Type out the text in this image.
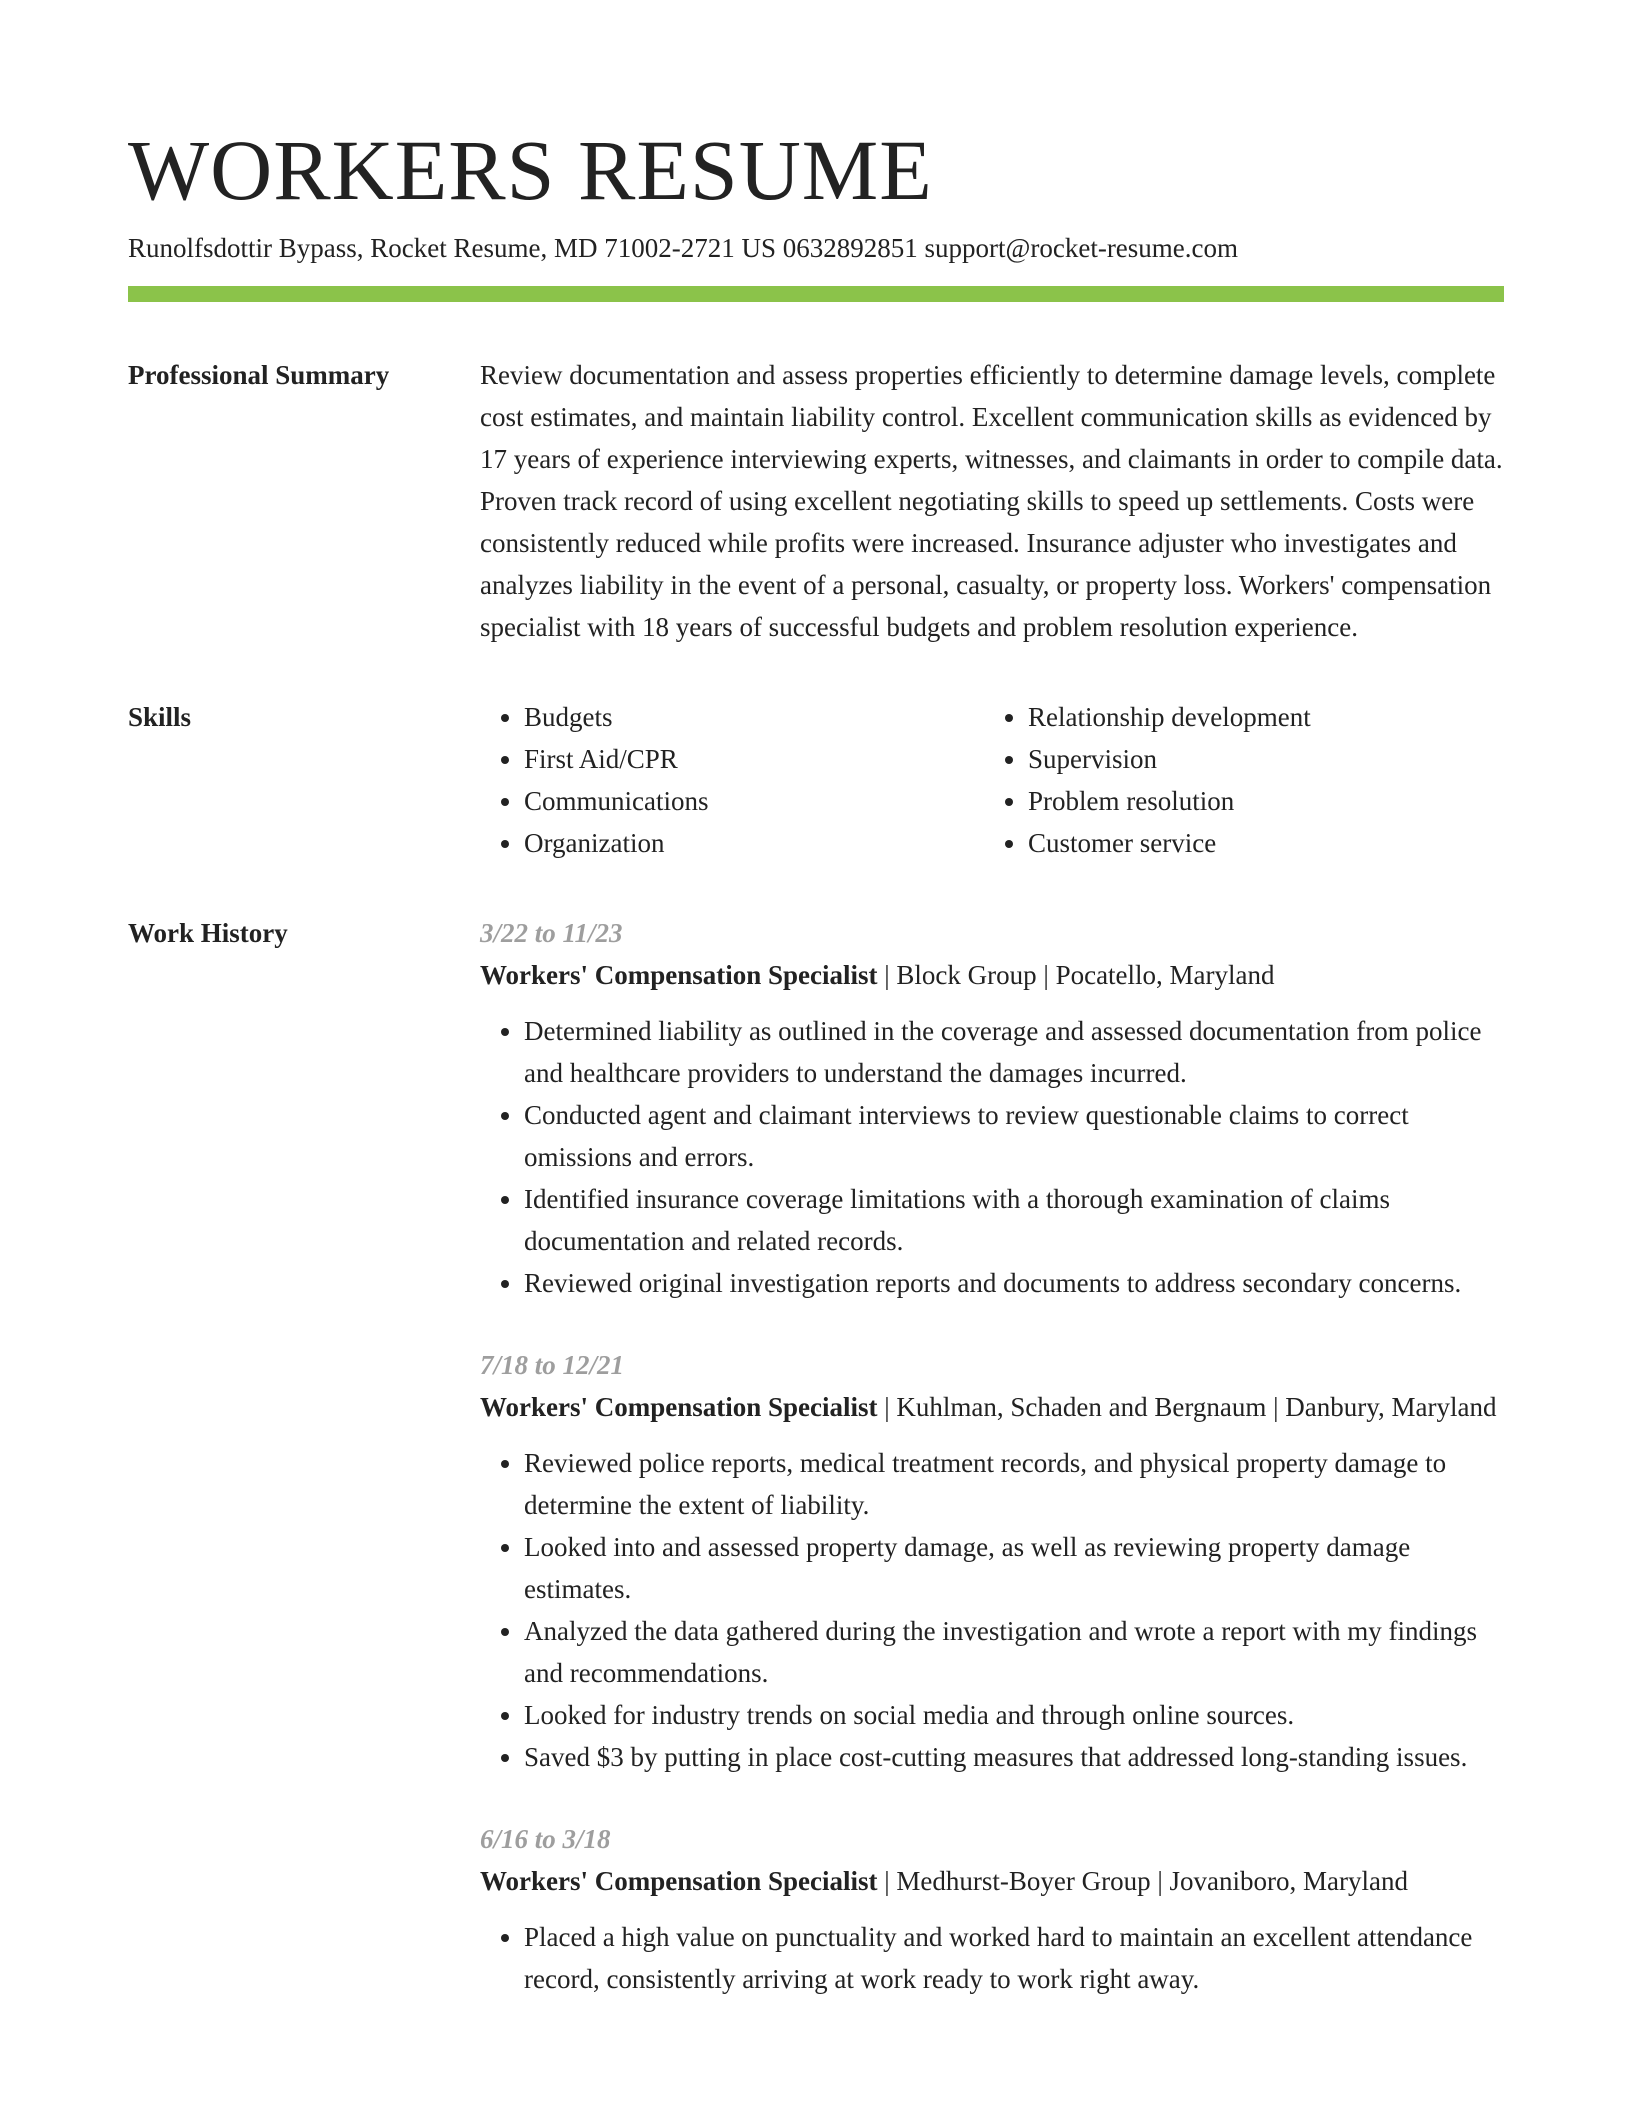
WORKERS RESUME
Runolfsdottir Bypass, Rocket Resume, MD 71002-2721 US 0632892851 support@rocket-resume.com
Professional Summary	Review documentation and assess properties efficiently to determine damage levels, complete cost estimates, and maintain liability control. Excellent communication skills as evidenced by 17 years of experience interviewing experts, witnesses, and claimants in order to compile data. Proven track record of using excellent negotiating skills to speed up settlements. Costs were consistently reduced while profits were increased. Insurance adjuster who investigates and analyzes liability in the event of a personal, casualty, or property loss. Workers' compensation specialist with 18 years of successful budgets and problem resolution experience.

Skills	• Budgets
• First Aid/CPR
• Communications
• Organization
• Relationship development
• Supervision
• Problem resolution
• Customer service
Work History	3/22 to 11/23
Workers' Compensation Specialist | Block Group | Pocatello, Maryland
• Determined liability as outlined in the coverage and assessed documentation from police and healthcare providers to understand the damages incurred.
• Conducted agent and claimant interviews to review questionable claims to correct omissions and errors.
• Identified insurance coverage limitations with a thorough examination of claims documentation and related records.
• Reviewed original investigation reports and documents to address secondary concerns.
7/18 to 12/21
Workers' Compensation Specialist | Kuhlman, Schaden and Bergnaum | Danbury, Maryland
• Reviewed police reports, medical treatment records, and physical property damage to determine the extent of liability.
• Looked into and assessed property damage, as well as reviewing property damage estimates.
• Analyzed the data gathered during the investigation and wrote a report with my findings and recommendations.
• Looked for industry trends on social media and through online sources.
• Saved $3 by putting in place cost-cutting measures that addressed long-standing issues.
6/16 to 3/18
Workers' Compensation Specialist | Medhurst-Boyer Group | Jovaniboro, Maryland
• Placed a high value on punctuality and worked hard to maintain an excellent attendance record, consistently arriving at work ready to work right away.
